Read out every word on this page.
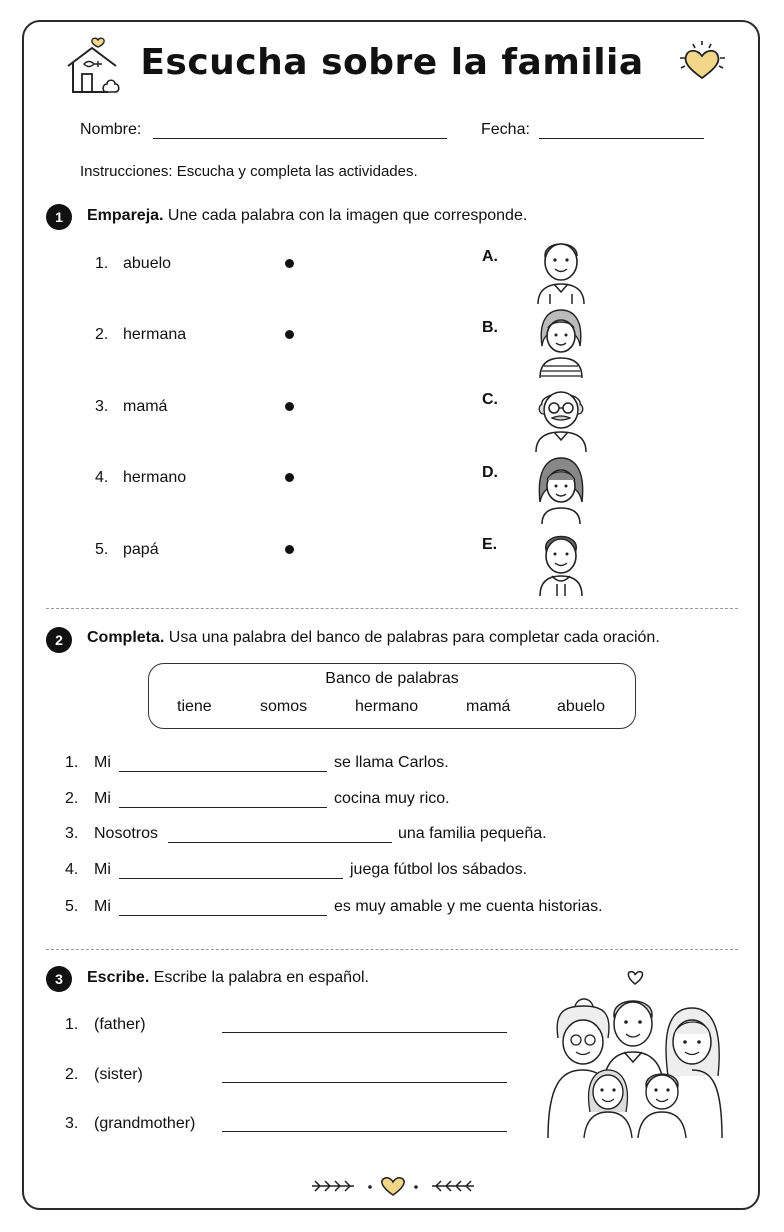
Escucha sobre la familia
Nombre:	Fecha:
Instrucciones: Escucha y completa las actividades.
1	Empareja. Une cada palabra con la imagen que corresponde.
1. abuelo
2. hermana
3. mamá
4. hermano
5. papá
A.
B.
C.
D.
E.
2	Completa. Usa una palabra del banco de palabras para completar cada oración.
Banco de palabras
tiene	somos	hermano	mamá	abuelo
1. Mi	se llama Carlos.
2. Mi	cocina muy rico.
3. Nosotros	una familia pequeña.
4. Mi	juega fútbol los sábados.
5. Mi	es muy amable y me cuenta historias.
3	Escribe. Escribe la palabra en español.
1. (father)
2. (sister)
3. (grandmother)
